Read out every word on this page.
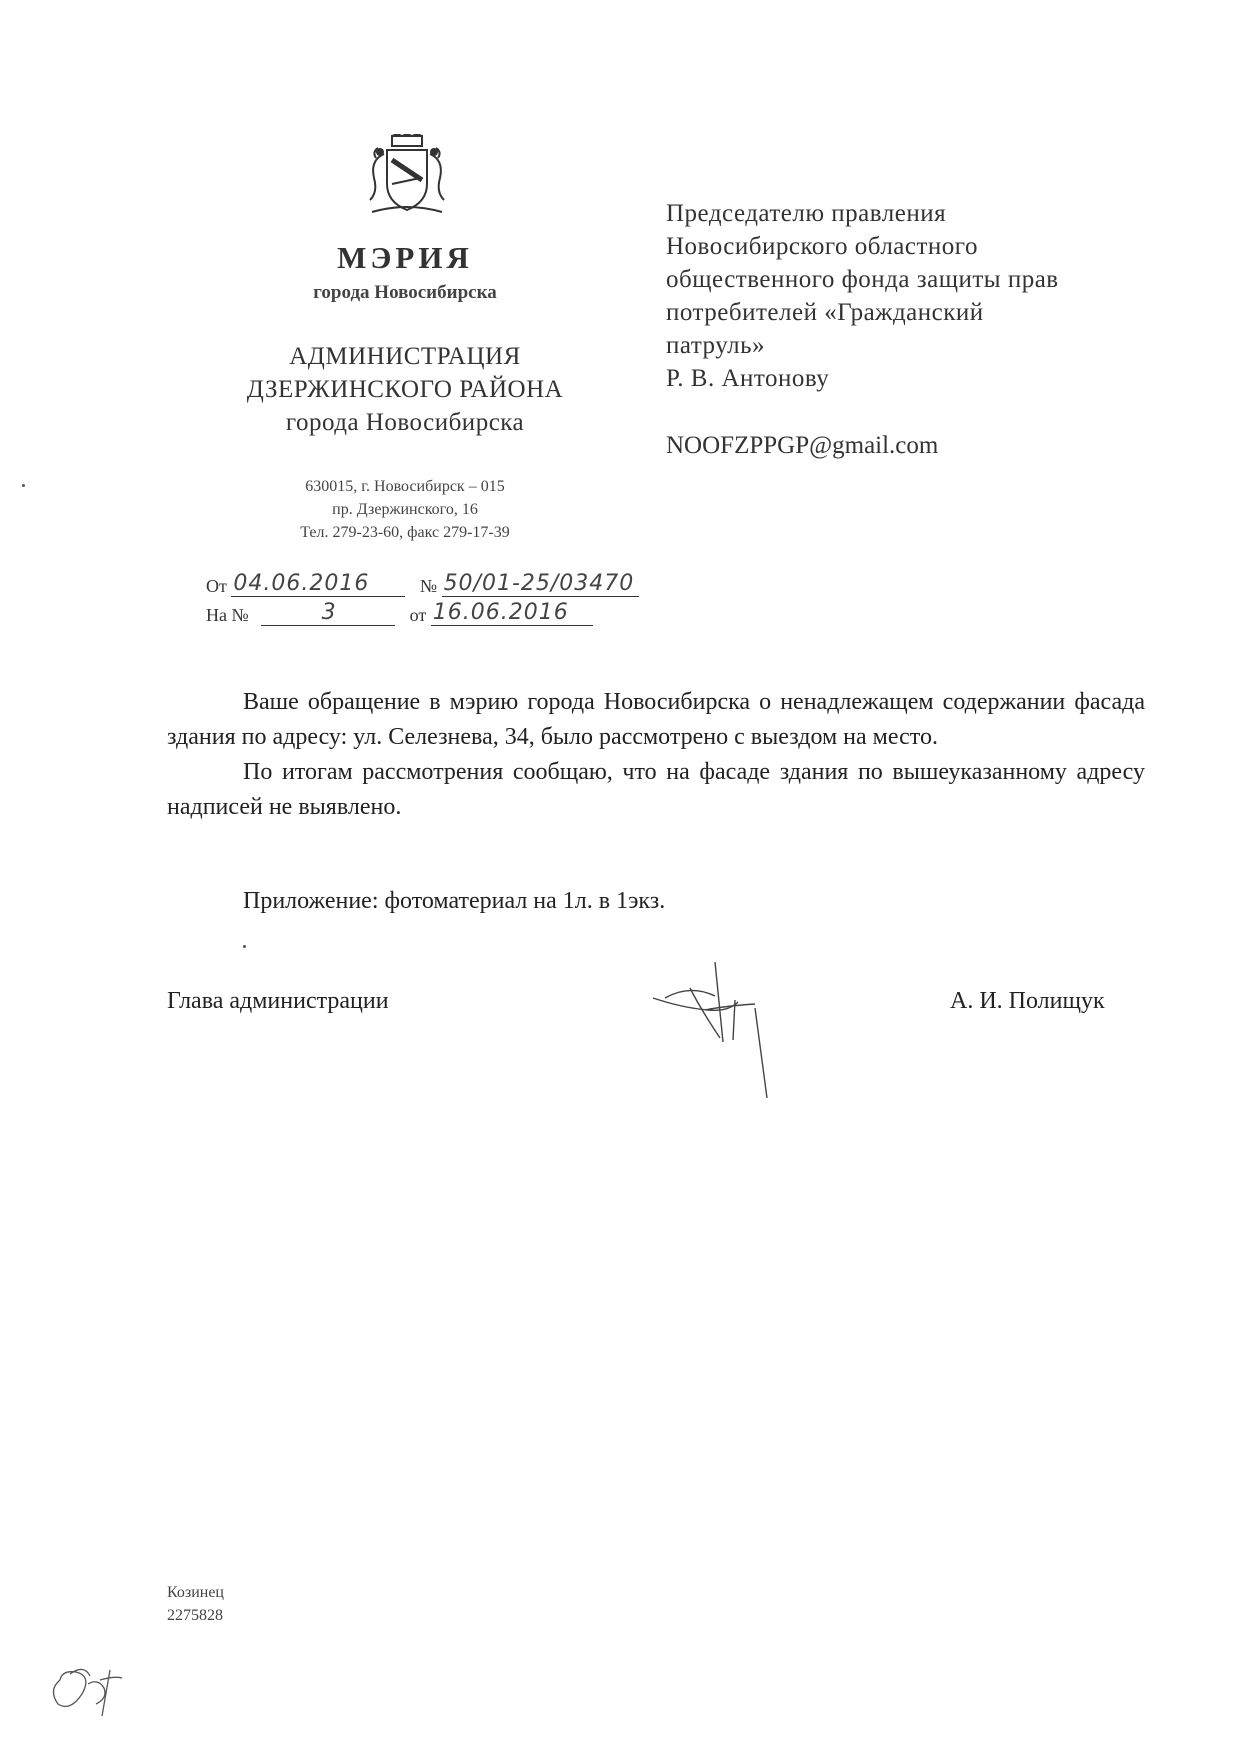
МЭРИЯ
города Новосибирска
АДМИНИСТРАЦИЯ
ДЗЕРЖИНСКОГО РАЙОНА
города Новосибирска
630015, г. Новосибирск – 015
пр. Дзержинского, 16
Тел. 279-23-60, факс 279-17-39
От 04.06.2016	№ 50/01-25/03470
На №	3	от 16.06.2016
Председателю правления
Новосибирского областного
общественного фонда защиты прав
потребителей «Гражданский
патруль»
Р. В. Антонову
NOOFZPPGP@gmail.com

Ваше обращение в мэрию города Новосибирска о ненадлежащем содержании фасада здания по адресу: ул. Селезнева, 34, было рассмотрено с выездом на место.

По итогам рассмотрения сообщаю, что на фасаде здания по вышеуказанному адресу надписей не выявлено.

Приложение: фотоматериал на 1л. в 1экз.
Глава администрации	А. И. Полищук
Козинец
2275828
